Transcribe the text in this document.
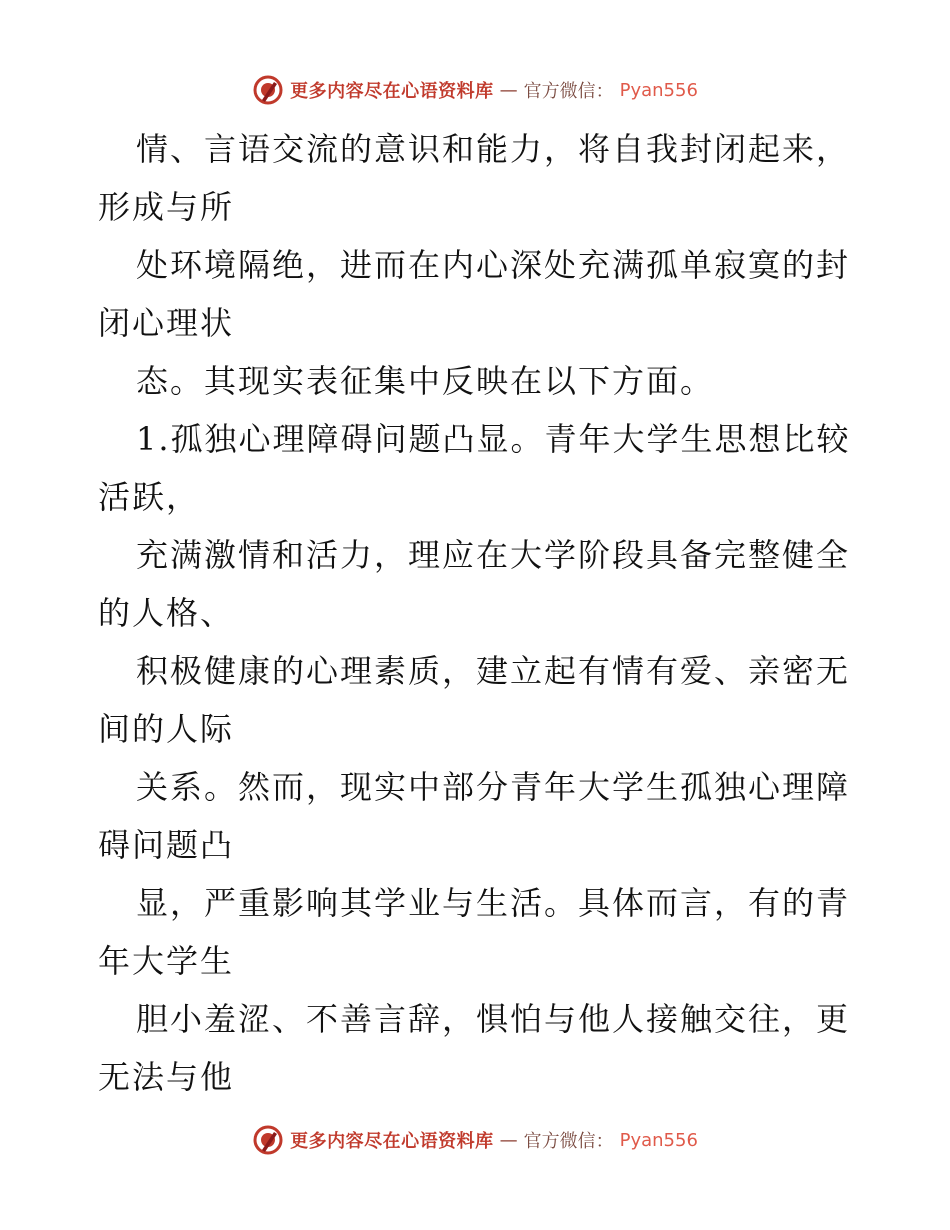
更多内容尽在心语资料库 — 官方微信： Pyan556
情、言语交流的意识和能力，将自我封闭起来，
形成与所
处环境隔绝，进而在内心深处充满孤单寂寞的封
闭心理状
态。其现实表征集中反映在以下方面。
1.孤独心理障碍问题凸显。青年大学生思想比较
活跃，
充满激情和活力，理应在大学阶段具备完整健全
的人格、
积极健康的心理素质，建立起有情有爱、亲密无
间的人际
关系。然而，现实中部分青年大学生孤独心理障
碍问题凸
显，严重影响其学业与生活。具体而言，有的青
年大学生
胆小羞涩、不善言辞，惧怕与他人接触交往，更
无法与他
更多内容尽在心语资料库 — 官方微信： Pyan556
